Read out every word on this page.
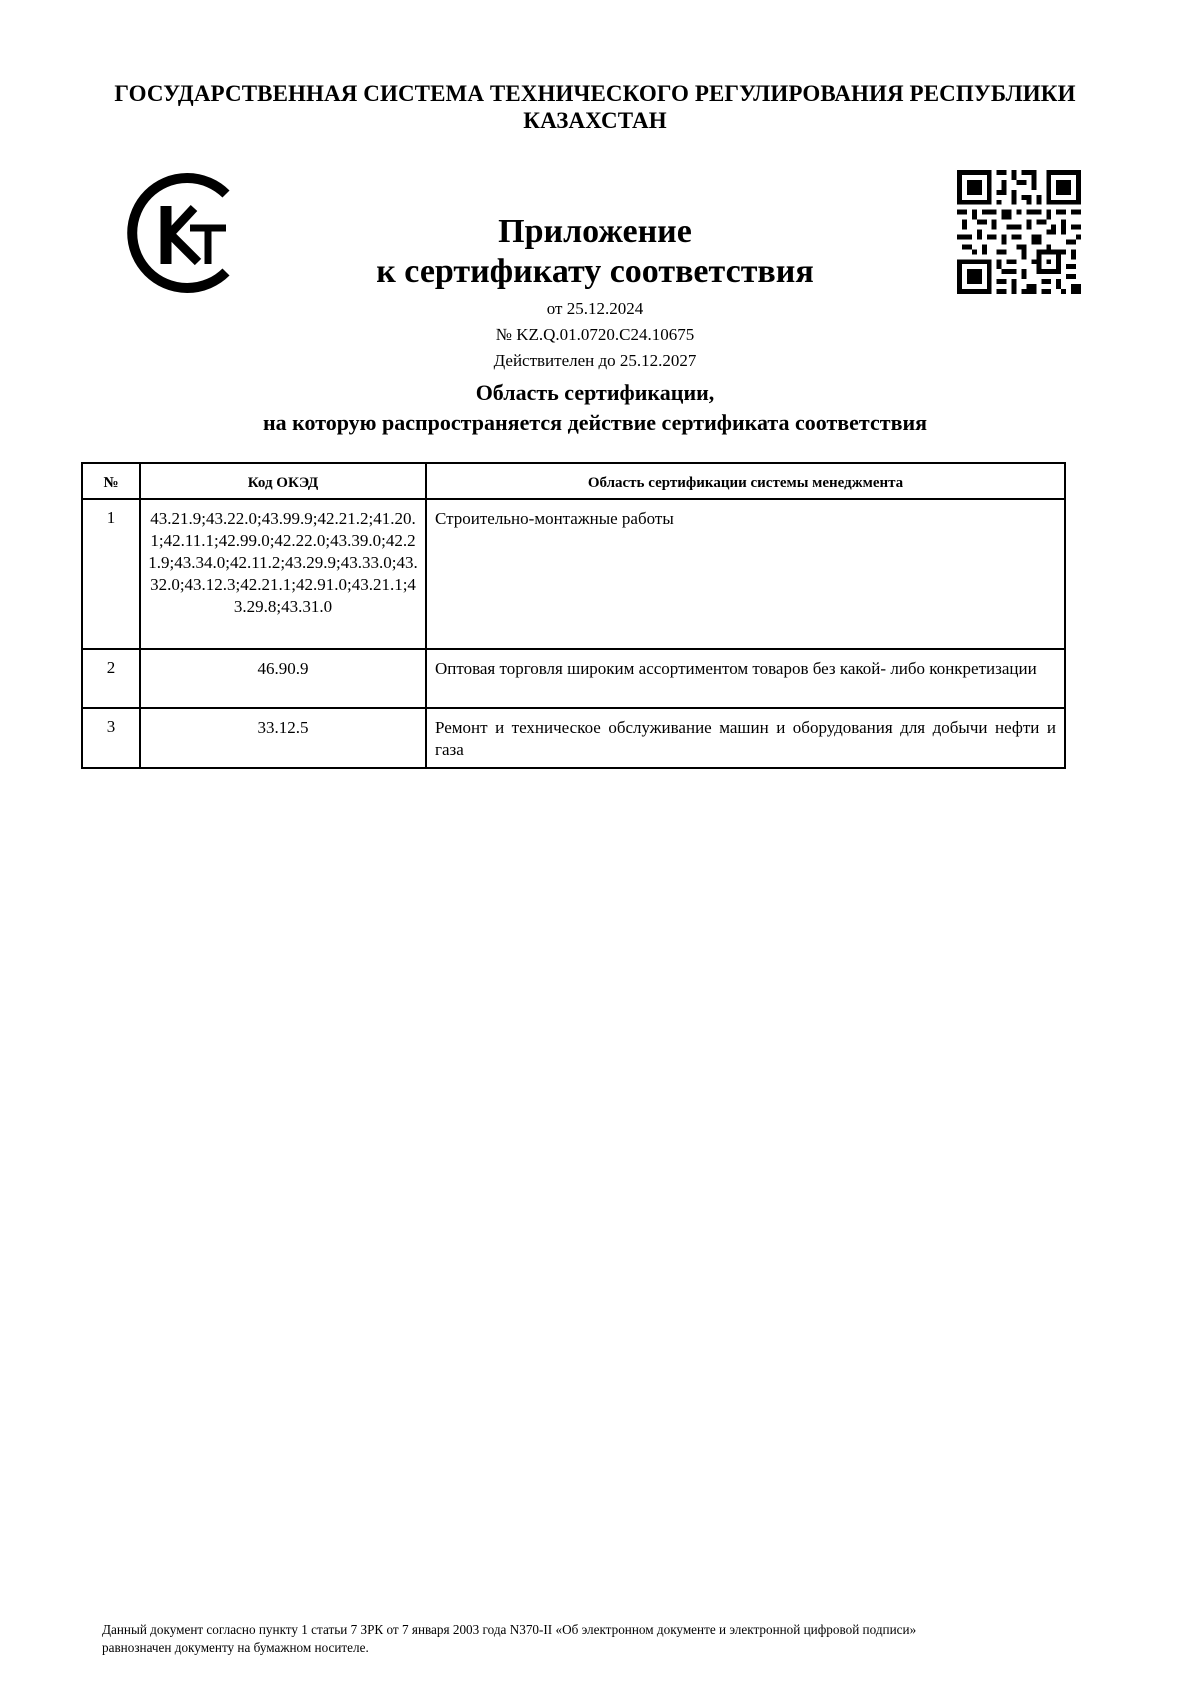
ГОСУДАРСТВЕННАЯ СИСТЕМА ТЕХНИЧЕСКОГО РЕГУЛИРОВАНИЯ РЕСПУБЛИКИ
КАЗАХСТАН
Приложение
к сертификату соответствия
от 25.12.2024
№ KZ.Q.01.0720.C24.10675
Действителен до 25.12.2027
Область сертификации,
на которую распространяется действие сертификата соответствия
№	Код ОКЭД	Область сертификации системы менеджмента
1	43.21.9;43.22.0;43.99.9;42.21.2;41.20.1;42.11.1;42.99.0;42.22.0;43.39.0;42.21.9;43.34.0;42.11.2;43.29.9;43.33.0;43.32.0;43.12.3;42.21.1;42.91.0;43.21.1;43.29.8;43.31.0	Строительно-монтажные работы
2	46.90.9	Оптовая торговля широким ассортиментом товаров без какой- либо конкретизации
3	33.12.5	Ремонт и техническое обслуживание машин и оборудования для добычи нефти и газа
Данный документ согласно пункту 1 статьи 7 ЗРК от 7 января 2003 года N370-II «Об электронном документе и электронной цифровой подписи»
равнозначен документу на бумажном носителе.
